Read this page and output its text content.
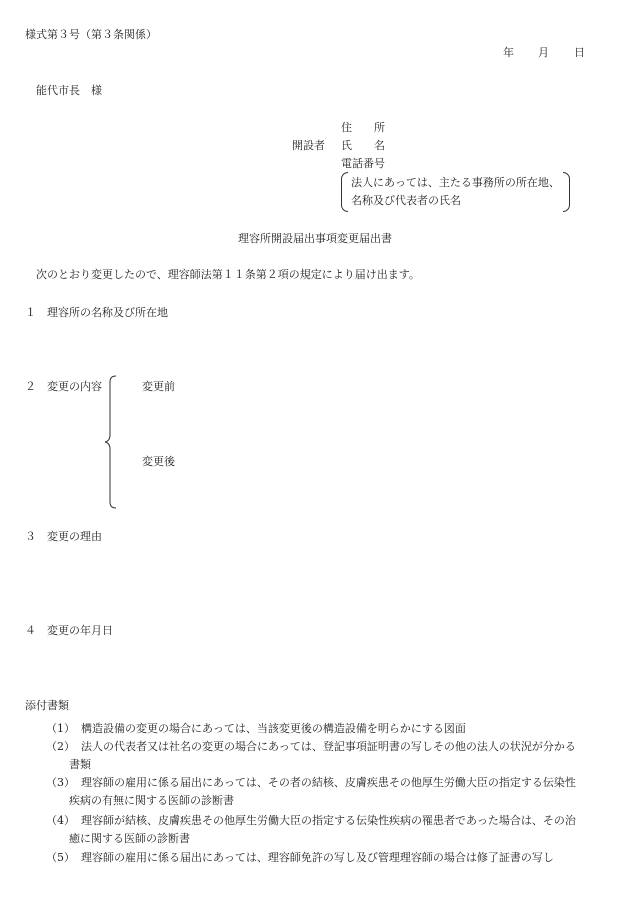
様式第３号（第３条関係）
年 月 日
能代市長　様
住　　所
開設者 氏　　名
電話番号
法人にあっては、主たる事務所の所在地、
名称及び代表者の氏名
理容所開設届出事項変更届出書
次のとおり変更したので、理容師法第１１条第２項の規定により届け出ます。
１ 理容所の名称及び所在地
２ 変更の内容	変更前
変更後
３ 変更の理由
４ 変更の年月日
添付書類
（1） 構造設備の変更の場合にあっては、当該変更後の構造設備を明らかにする図面
（2） 法人の代表者又は社名の変更の場合にあっては、登記事項証明書の写しその他の法人の状況が分かる
書類
（3） 理容師の雇用に係る届出にあっては、その者の結核、皮膚疾患その他厚生労働大臣の指定する伝染性
疾病の有無に関する医師の診断書
（4） 理容師が結核、皮膚疾患その他厚生労働大臣の指定する伝染性疾病の罹患者であった場合は、その治
癒に関する医師の診断書
（5） 理容師の雇用に係る届出にあっては、理容師免許の写し及び管理理容師の場合は修了証書の写し
